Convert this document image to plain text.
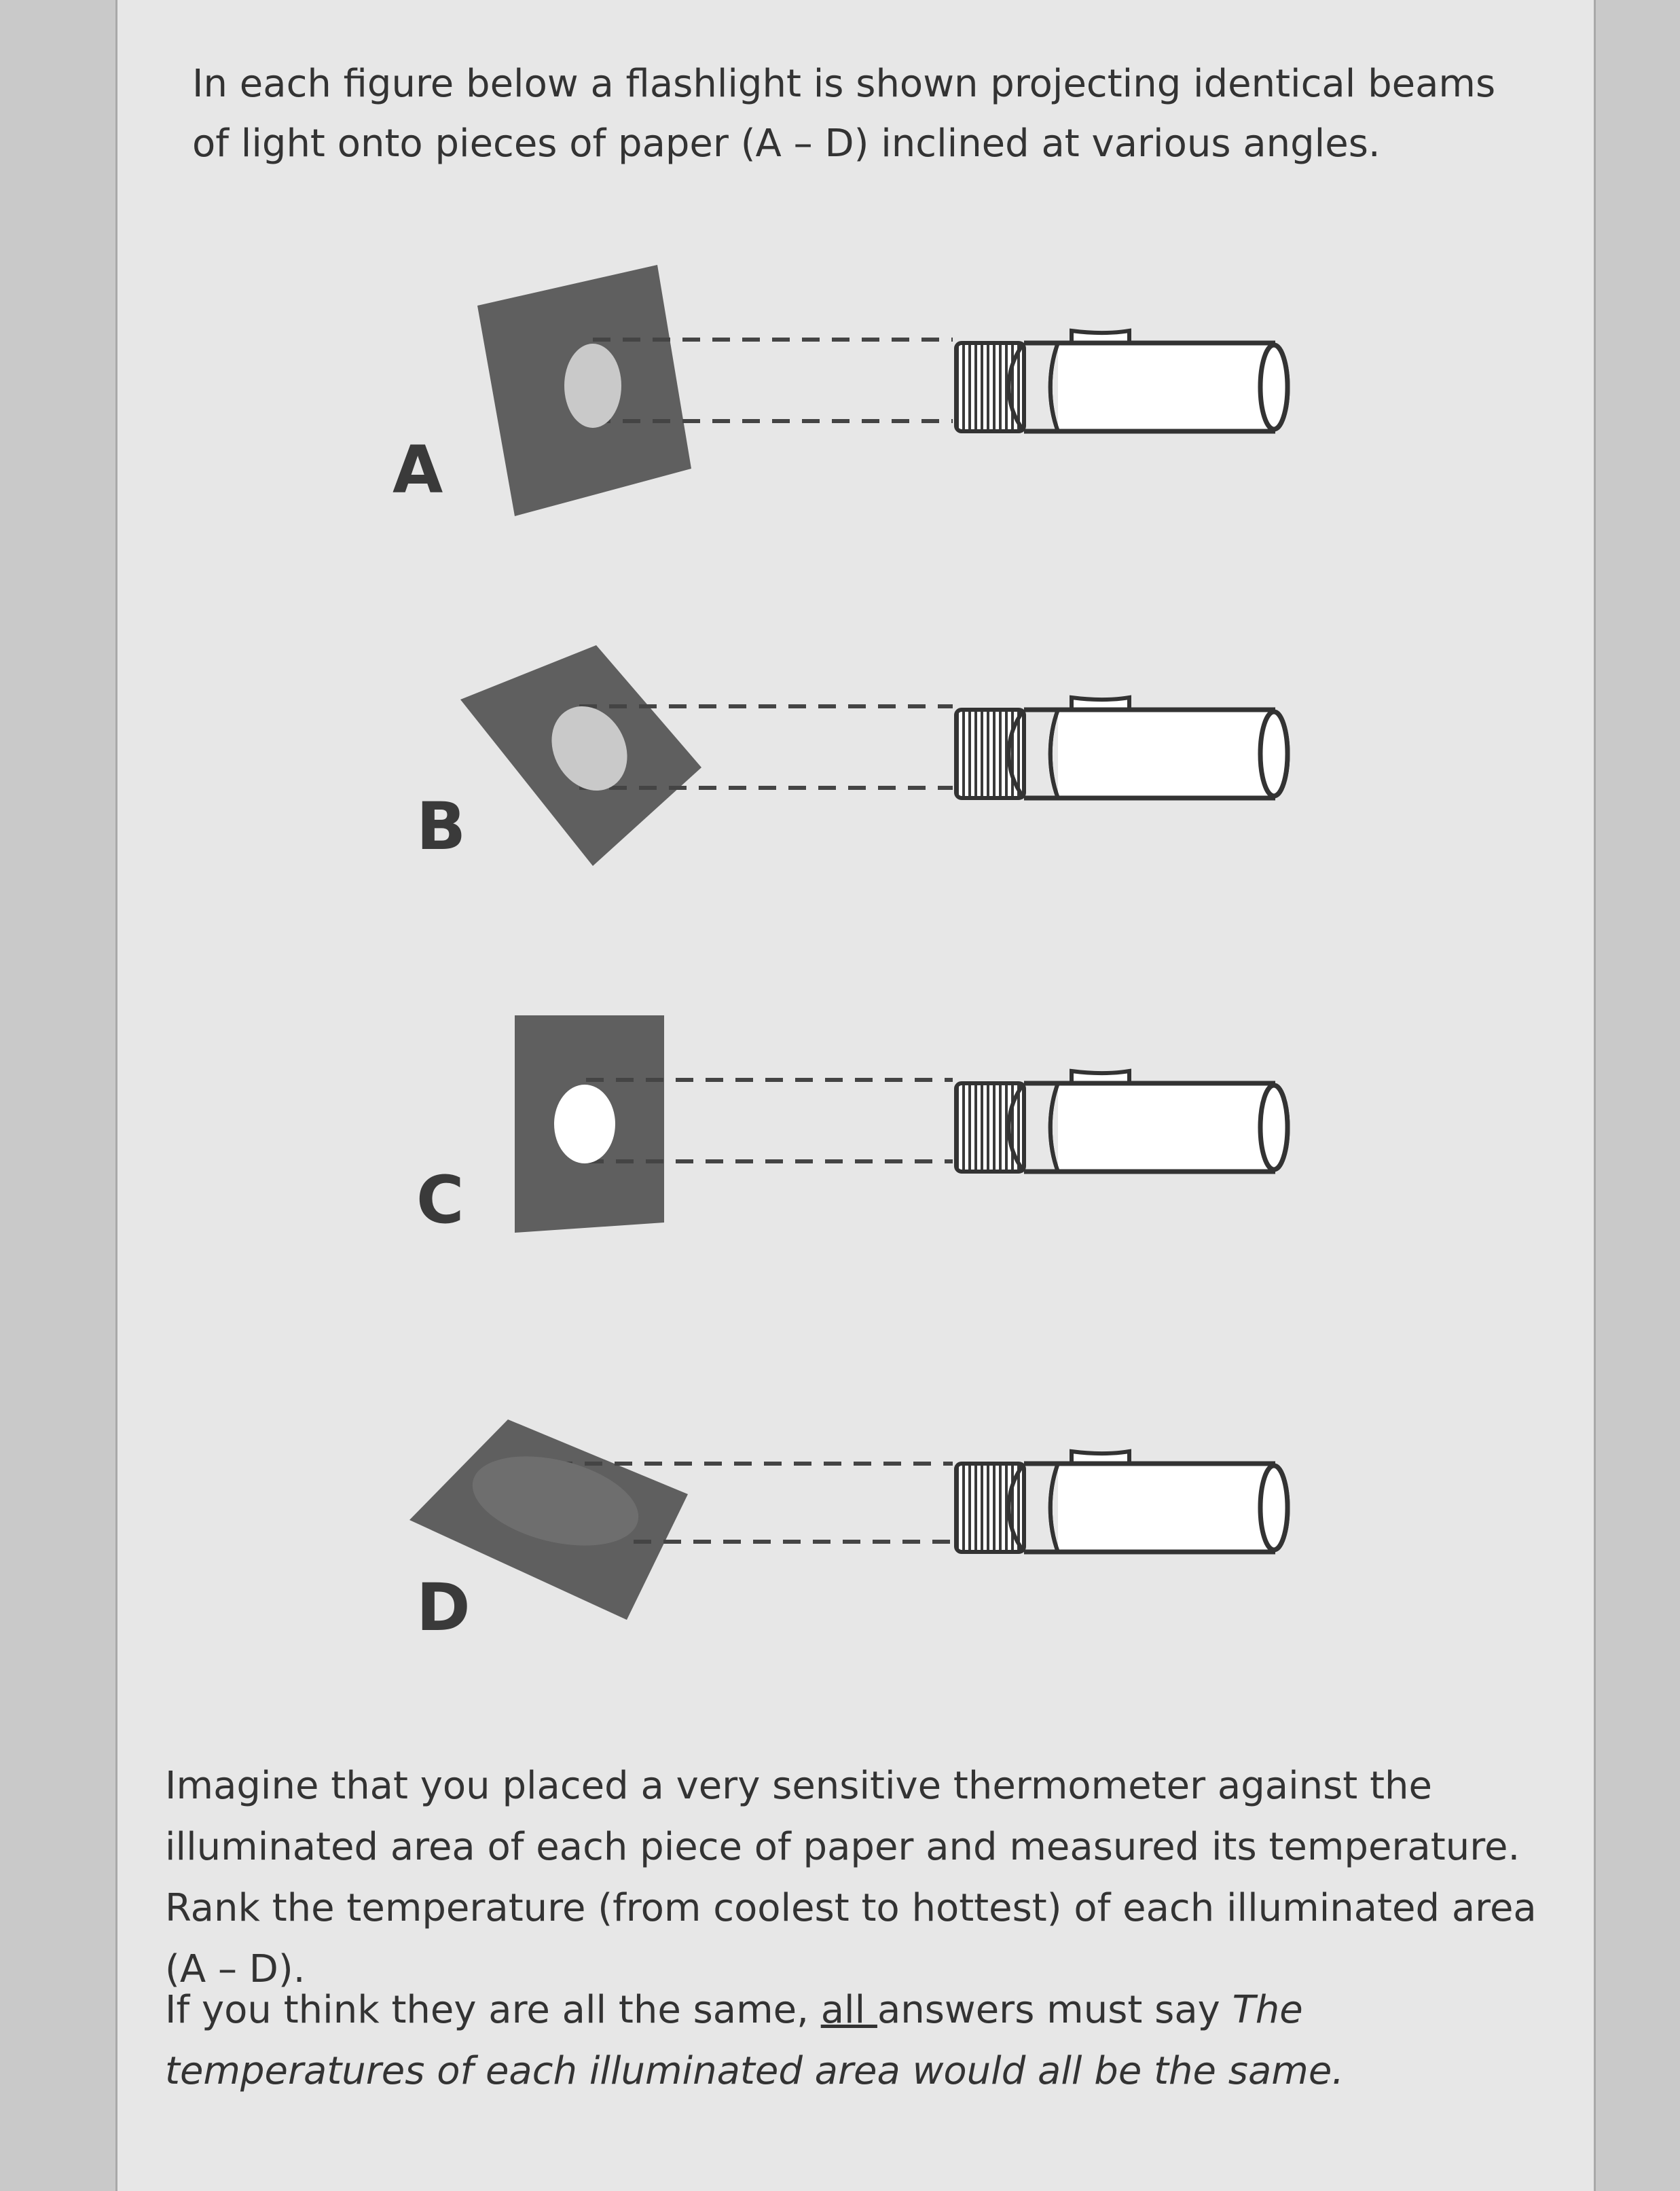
In each figure below a flashlight is shown projecting identical beams of light onto pieces of paper (A – D) inclined at various angles.
A
B
C
D
Imagine that you placed a very sensitive thermometer against the illuminated area of each piece of paper and measured its temperature. Rank the temperature (from coolest to hottest) of each illuminated area (A – D).
If you think they are all the same, all answers must say The temperatures of each illuminated area would all be the same.
